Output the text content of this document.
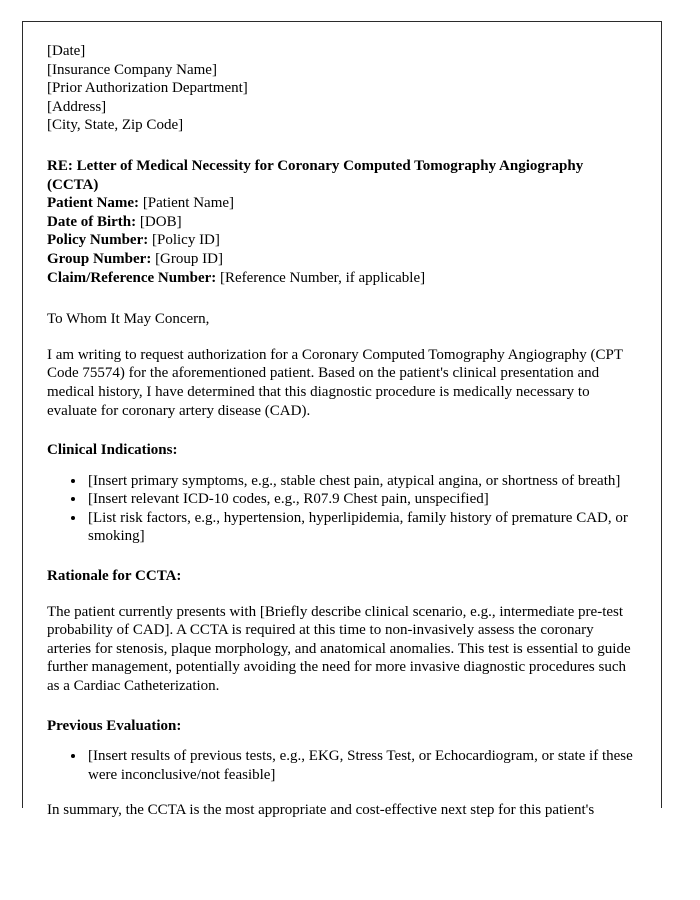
[Date]
[Insurance Company Name]
[Prior Authorization Department]
[Address]
[City, State, Zip Code]
RE: Letter of Medical Necessity for Coronary Computed Tomography Angiography (CCTA)
Patient Name: [Patient Name]
Date of Birth: [DOB]
Policy Number: [Policy ID]
Group Number: [Group ID]
Claim/Reference Number: [Reference Number, if applicable]
To Whom It May Concern,

I am writing to request authorization for a Coronary Computed Tomography Angiography (CPT Code 75574) for the aforementioned patient. Based on the patient's clinical presentation and medical history, I have determined that this diagnostic procedure is medically necessary to evaluate for coronary artery disease (CAD).

Clinical Indications:
• [Insert primary symptoms, e.g., stable chest pain, atypical angina, or shortness of breath]
• [Insert relevant ICD-10 codes, e.g., R07.9 Chest pain, unspecified]
• [List risk factors, e.g., hypertension, hyperlipidemia, family history of premature CAD, or smoking]
Rationale for CCTA:

The patient currently presents with [Briefly describe clinical scenario, e.g., intermediate pre-test probability of CAD]. A CCTA is required at this time to non-invasively assess the coronary arteries for stenosis, plaque morphology, and anatomical anomalies. This test is essential to guide further management, potentially avoiding the need for more invasive diagnostic procedures such as a Cardiac Catheterization.

Previous Evaluation:
• [Insert results of previous tests, e.g., EKG, Stress Test, or Echocardiogram, or state if these were inconclusive/not feasible]

In summary, the CCTA is the most appropriate and cost-effective next step for this patient's
